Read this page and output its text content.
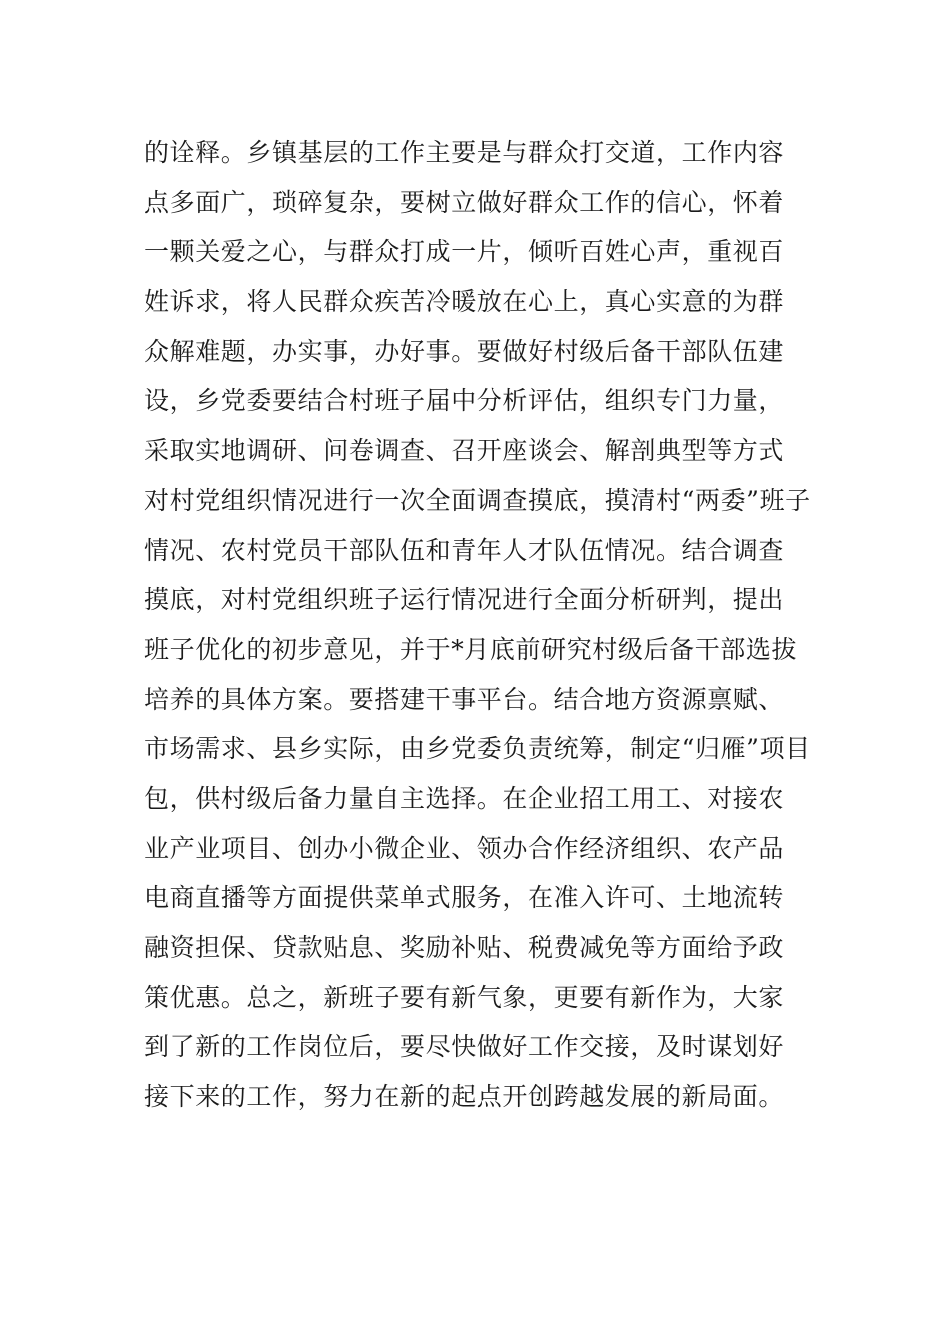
的诠释。乡镇基层的工作主要是与群众打交道，工作内容
点多面广，琐碎复杂，要树立做好群众工作的信心，怀着
一颗关爱之心，与群众打成一片，倾听百姓心声，重视百
姓诉求，将人民群众疾苦冷暖放在心上，真心实意的为群
众解难题，办实事，办好事。要做好村级后备干部队伍建
设，乡党委要结合村班子届中分析评估，组织专门力量，
采取实地调研、问卷调查、召开座谈会、解剖典型等方式
对村党组织情况进行一次全面调查摸底，摸清村“两委”班子
情况、农村党员干部队伍和青年人才队伍情况。结合调查
摸底，对村党组织班子运行情况进行全面分析研判，提出
班子优化的初步意见，并于*月底前研究村级后备干部选拔
培养的具体方案。要搭建干事平台。结合地方资源禀赋、
市场需求、县乡实际，由乡党委负责统筹，制定“归雁”项目
包，供村级后备力量自主选择。在企业招工用工、对接农
业产业项目、创办小微企业、领办合作经济组织、农产品
电商直播等方面提供菜单式服务，在准入许可、土地流转
融资担保、贷款贴息、奖励补贴、税费减免等方面给予政
策优惠。总之，新班子要有新气象，更要有新作为，大家
到了新的工作岗位后，要尽快做好工作交接，及时谋划好
接下来的工作，努力在新的起点开创跨越发展的新局面。
